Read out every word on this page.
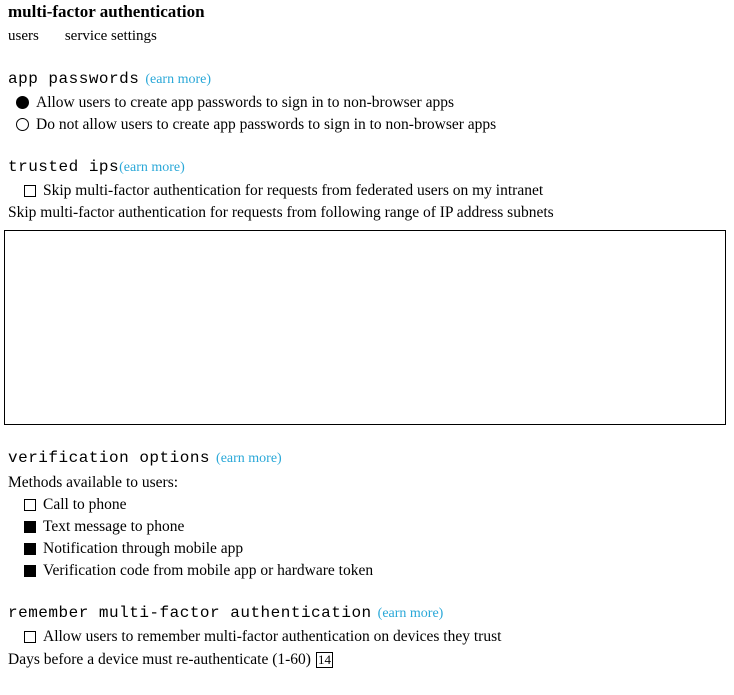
multi-factor authentication
users service settings
app passwords (earn more)
Allow users to create app passwords to sign in to non-browser apps
Do not allow users to create app passwords to sign in to non-browser apps
trusted ips(earn more)
Skip multi-factor authentication for requests from federated users on my intranet
Skip multi-factor authentication for requests from following range of IP address subnets
verification options (earn more)
Methods available to users:
Call to phone
Text message to phone
Notification through mobile app
Verification code from mobile app or hardware token
remember multi-factor authentication (earn more)
Allow users to remember multi-factor authentication on devices they trust
Days before a device must re-authenticate (1-60)
14
